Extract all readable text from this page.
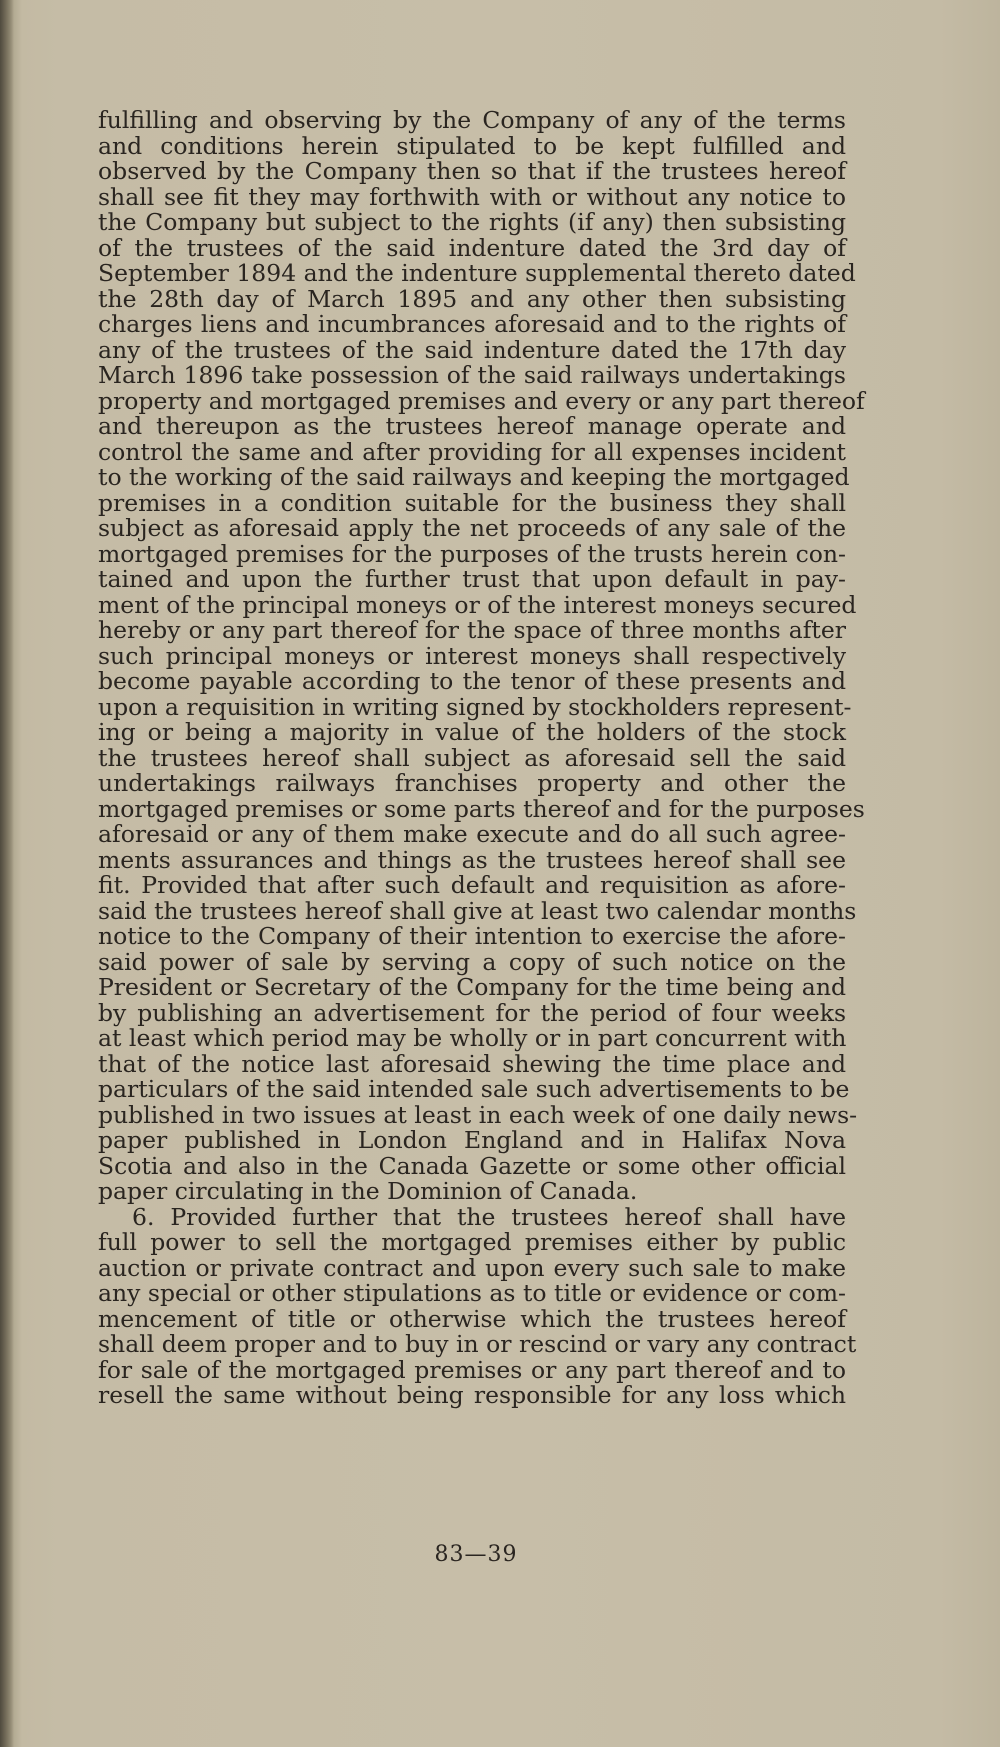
fulfilling and observing by the Company of any of the terms
and conditions herein stipulated to be kept fulfilled and
observed by the Company then so that if the trustees hereof
shall see fit they may forthwith with or without any notice to
the Company but subject to the rights (if any) then subsisting
of the trustees of the said indenture dated the 3rd day of
September 1894 and the indenture supplemental thereto dated
the 28th day of March 1895 and any other then subsisting
charges liens and incumbrances aforesaid and to the rights of
any of the trustees of the said indenture dated the 17th day
March 1896 take possession of the said railways undertakings
property and mortgaged premises and every or any part thereof
and thereupon as the trustees hereof manage operate and
control the same and after providing for all expenses incident
to the working of the said railways and keeping the mortgaged
premises in a condition suitable for the business they shall
subject as aforesaid apply the net proceeds of any sale of the
mortgaged premises for the purposes of the trusts herein con-
tained and upon the further trust that upon default in pay-
ment of the principal moneys or of the interest moneys secured
hereby or any part thereof for the space of three months after
such principal moneys or interest moneys shall respectively
become payable according to the tenor of these presents and
upon a requisition in writing signed by stockholders represent-
ing or being a majority in value of the holders of the stock
the trustees hereof shall subject as aforesaid sell the said
undertakings railways franchises property and other the
mortgaged premises or some parts thereof and for the purposes
aforesaid or any of them make execute and do all such agree-
ments assurances and things as the trustees hereof shall see
fit. Provided that after such default and requisition as afore-
said the trustees hereof shall give at least two calendar months
notice to the Company of their intention to exercise the afore-
said power of sale by serving a copy of such notice on the
President or Secretary of the Company for the time being and
by publishing an advertisement for the period of four weeks
at least which period may be wholly or in part concurrent with
that of the notice last aforesaid shewing the time place and
particulars of the said intended sale such advertisements to be
published in two issues at least in each week of one daily news-
paper published in London England and in Halifax Nova
Scotia and also in the Canada Gazette or some other official
paper circulating in the Dominion of Canada.
6. Provided further that the trustees hereof shall have
full power to sell the mortgaged premises either by public
auction or private contract and upon every such sale to make
any special or other stipulations as to title or evidence or com-
mencement of title or otherwise which the trustees hereof
shall deem proper and to buy in or rescind or vary any contract
for sale of the mortgaged premises or any part thereof and to
resell the same without being responsible for any loss which
83—39
